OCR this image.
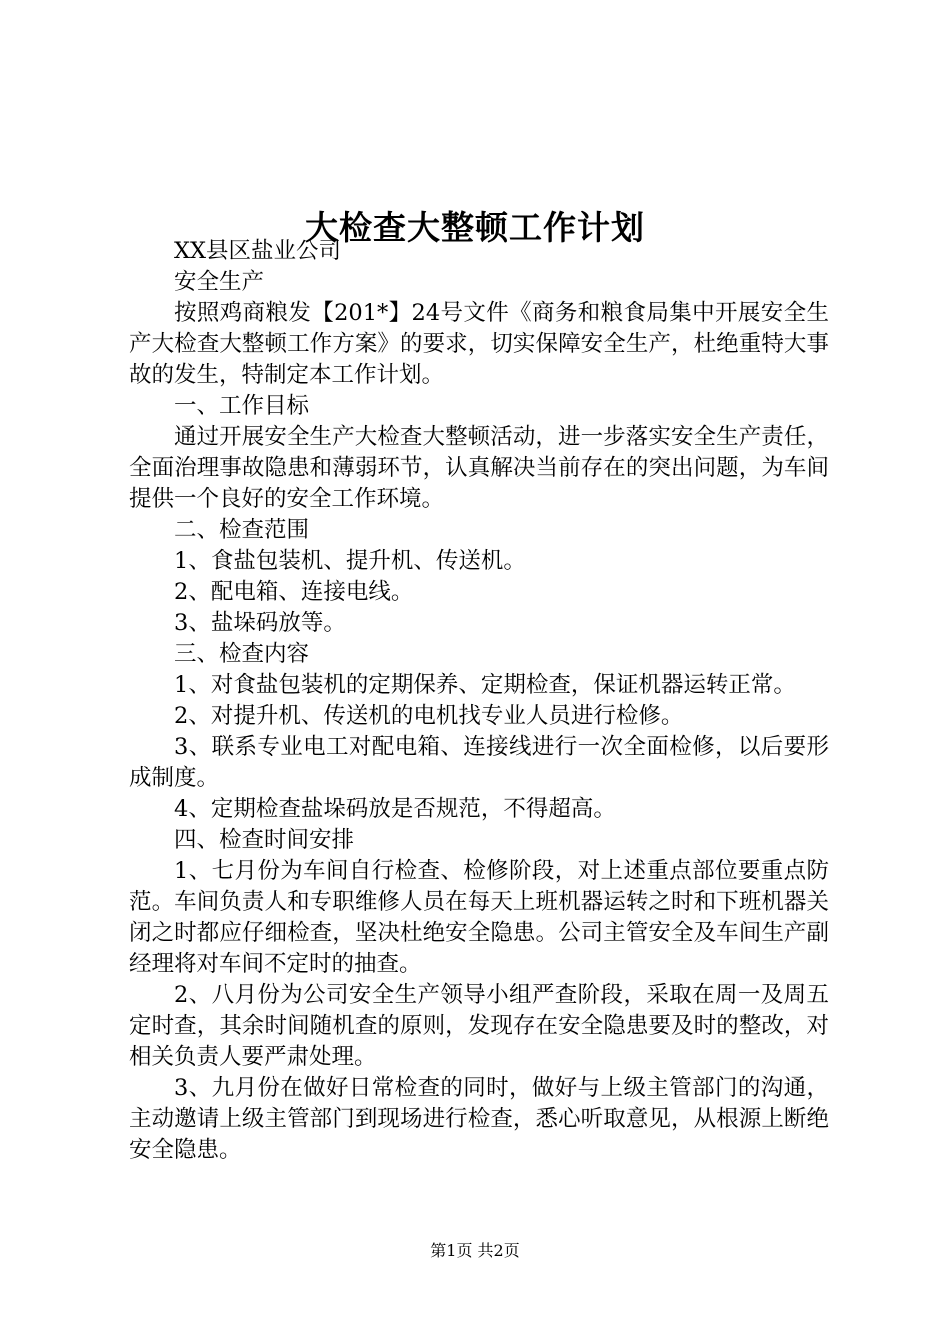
大检查大整顿工作计划

XX县区盐业公司

安全生产

按照鸡商粮发【201*】24号文件《商务和粮食局集中开展安全生产大检查大整顿工作方案》的要求，切实保障安全生产，杜绝重特大事故的发生，特制定本工作计划。

一、工作目标

通过开展安全生产大检查大整顿活动，进一步落实安全生产责任，全面治理事故隐患和薄弱环节，认真解决当前存在的突出问题，为车间提供一个良好的安全工作环境。

二、检查范围

1、食盐包装机、提升机、传送机。

2、配电箱、连接电线。

3、盐垛码放等。

三、检查内容

1、对食盐包装机的定期保养、定期检查，保证机器运转正常。

2、对提升机、传送机的电机找专业人员进行检修。

3、联系专业电工对配电箱、连接线进行一次全面检修，以后要形成制度。

4、定期检查盐垛码放是否规范，不得超高。

四、检查时间安排

1、七月份为车间自行检查、检修阶段，对上述重点部位要重点防范。车间负责人和专职维修人员在每天上班机器运转之时和下班机器关闭之时都应仔细检查，坚决杜绝安全隐患。公司主管安全及车间生产副经理将对车间不定时的抽查。

2、八月份为公司安全生产领导小组严查阶段，采取在周一及周五定时查，其余时间随机查的原则，发现存在安全隐患要及时的整改，对相关负责人要严肃处理。

3、九月份在做好日常检查的同时，做好与上级主管部门的沟通，主动邀请上级主管部门到现场进行检查，悉心听取意见，从根源上断绝安全隐患。

第1页 共2页
